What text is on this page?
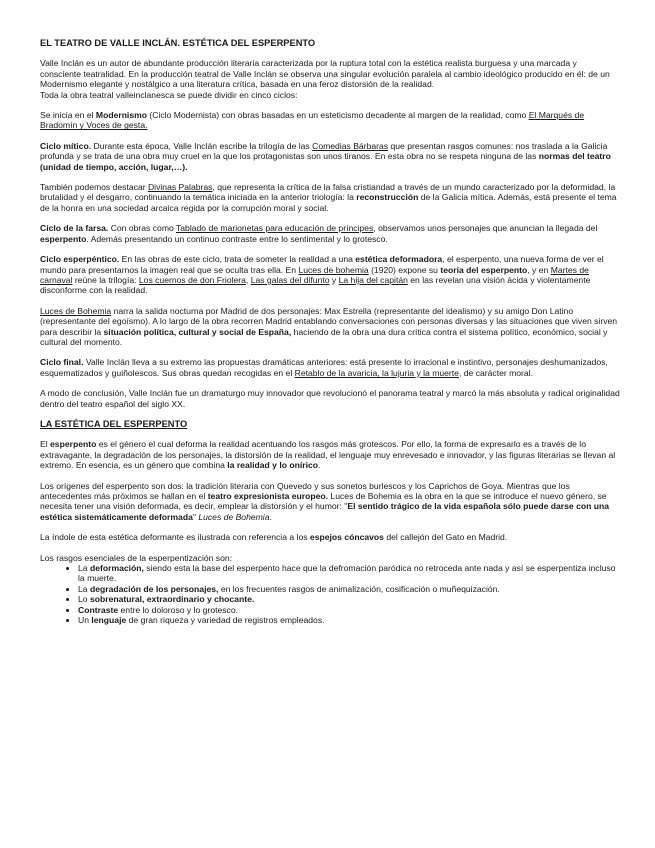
EL TEATRO DE VALLE INCLÁN. ESTÉTICA DEL ESPERPENTO

Valle Inclán es un autor de abundante producción literaria caracterizada por la ruptura total con la estética realista burguesa y una marcada y consciente teatralidad. En la producción teatral de Valle Inclán se observa una singular evolución paralela al cambio ideológico producido en él: de un Modernismo elegante y nostálgico a una literatura crítica, basada en una feroz distorsión de la realidad.

Toda la obra teatral valleinclanesca se puede dividir en cinco ciclos:

Se inicia en el Modernismo (Ciclo Modernista) con obras basadas en un esteticismo decadente al margen de la realidad, como El Marqués de Bradomín y Voces de gesta.

Ciclo mítico. Durante esta época, Valle Inclán escribe la trilogía de las Comedias Bárbaras que presentan rasgos comunes: nos traslada a la Galicia profunda y se trata de una obra muy cruel en la que los protagonistas son unos tiranos. En esta obra no se respeta ninguna de las normas del teatro (unidad de tiempo, acción, lugar,…).

También podemos destacar Divinas Palabras, que representa la crítica de la falsa cristiandad a través de un mundo caracterizado por la deformidad, la brutalidad y el desgarro, continuando la temática iniciada en la anterior triología: la reconstrucción de la Galicia mítica. Además, está presente el tema de la honra en una sociedad arcaica regida por la corrupción moral y social.

Ciclo de la farsa. Con obras como Tablado de marionetas para educación de príncipes, observamos unos personajes que anuncian la llegada del esperpento. Además presentando un continuo contraste entre lo sentimental y lo grotesco.

Ciclo esperpéntico. En las obras de este ciclo, trata de someter la realidad a una estética deformadora, el esperpento, una nueva forma de ver el mundo para presentarnos la imagen real que se oculta tras ella. En Luces de bohemia (1920) expone su teoría del esperpento, y en Martes de carnaval reúne la trilogía: Los cuernos de don Friolera, Las galas del difunto y La hija del capitán en las revelan una visión ácida y violentamente disconforme con la realidad.

Luces de Bohemia narra la salida nocturna por Madrid de dos personajes: Max Estrella (representante del idealismo) y su amigo Don Latino (representante del egoísmo). A lo largo de la obra recorren Madrid entablando conversaciones con personas diversas y las situaciones que viven sirven para describir la situación política, cultural y social de España, haciendo de la obra una dura crítica contra el sistema político, económico, social y cultural del momento.

Ciclo final. Valle Inclán lleva a su extremo las propuestas dramáticas anteriores: está presente lo irracional e instintivo, personajes deshumanizados, esquematizados y guiñolescos. Sus obras quedan recogidas en el Retablo de la avaricia, la lujuria y la muerte, de carácter moral.

A modo de conclusión, Valle Inclán fue un dramaturgo muy innovador que revolucionó el panorama teatral y marcó la más absoluta y radical originalidad dentro del teatro español del siglo XX.

LA ESTÉTICA DEL ESPERPENTO

El esperpento es el género el cual deforma la realidad acentuando los rasgos más grotescos. Por ello, la forma de expresarlo es a través de lo extravagante, la degradación de los personajes, la distorsión de la realidad, el lenguaje muy enrevesado e innovador, y las figuras literarias se llevan al extremo. En esencia, es un género que combina la realidad y lo onírico.

Los orígenes del esperpento son dos: la tradición literaria con Quevedo y sus sonetos burlescos y los Caprichos de Goya. Mientras que los antecedentes más próximos se hallan en el teatro expresionista europeo. Luces de Bohemia es la obra en la que se introduce el nuevo género, se necesita tener una visión deformada, es decir, emplear la distorsión y el humor: "El sentido trágico de la vida española sólo puede darse con una estética sistemáticamente deformada" Luces de Bohemia.

La índole de esta estética deformante es ilustrada con referencia a los espejos cóncavos del callejón del Gato en Madrid.

Los rasgos esenciales de la esperpentización son:

• La deformación, siendo esta la base del esperpento hace que la defromación paródica no retroceda ante nada y así se esperpentiza incluso la muerte.
• La degradación de los personajes, en los frecuentes rasgos de animalización, cosificación o muñequización.
• Lo sobrenatural, extraordinario y chocante.
• Contraste entre lo doloroso y lo grotesco.
• Un lenguaje de gran riqueza y variedad de registros empleados.
